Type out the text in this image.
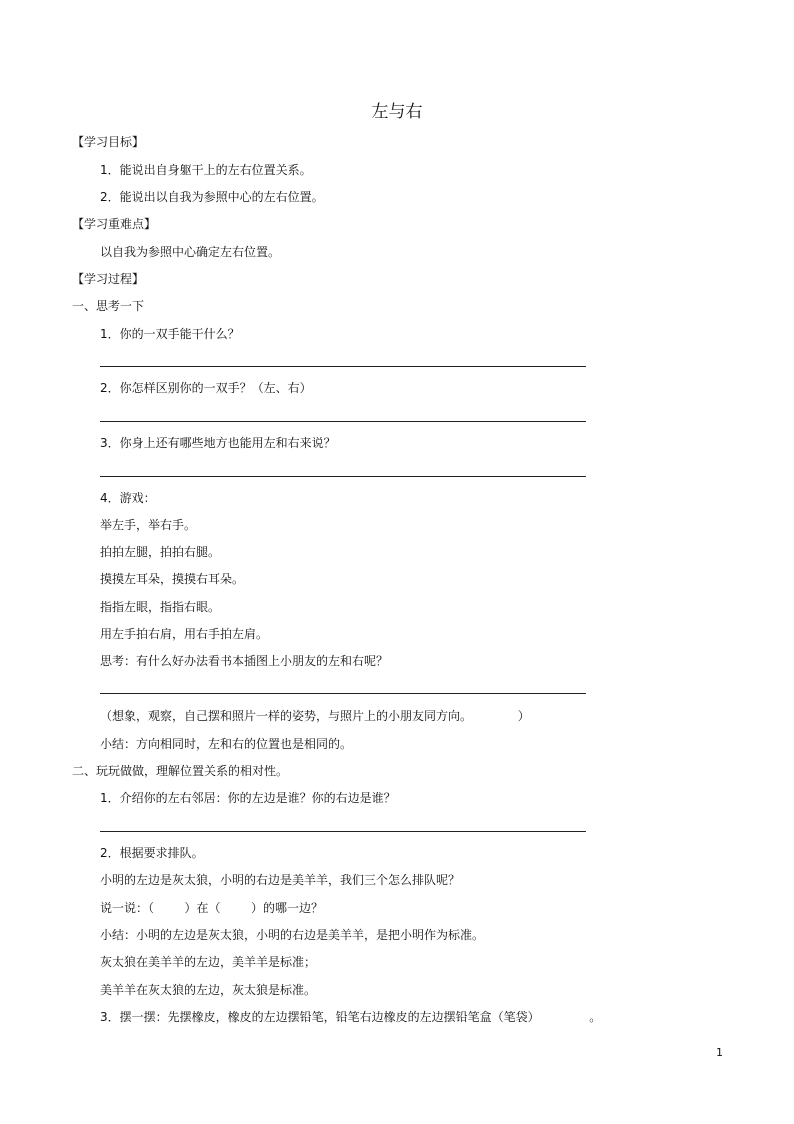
左与右
【学习目标】
1．能说出自身躯干上的左右位置关系。
2．能说出以自我为参照中心的左右位置。
【学习重难点】
以自我为参照中心确定左右位置。
【学习过程】
一、思考一下
1．你的一双手能干什么？
2．你怎样区别你的一双手？（左、右）
3．你身上还有哪些地方也能用左和右来说？
4．游戏：
举左手，举右手。
拍拍左腿，拍拍右腿。
摸摸左耳朵，摸摸右耳朵。
指指左眼，指指右眼。
用左手拍右肩，用右手拍左肩。
思考：有什么好办法看书本插图上小朋友的左和右呢？
（想象，观察，自己摆和照片一样的姿势，与照片上的小朋友同方向。            ）
小结：方向相同时，左和右的位置也是相同的。
二、玩玩做做，理解位置关系的相对性。
1．介绍你的左右邻居：你的左边是谁？你的右边是谁？
2．根据要求排队。
小明的左边是灰太狼，小明的右边是美羊羊，我们三个怎么排队呢？
说一说：（        ）在（        ）的哪一边？
小结：小明的左边是灰太狼，小明的右边是美羊羊，是把小明作为标准。
灰太狼在美羊羊的左边，美羊羊是标准；
美羊羊在灰太狼的左边，灰太狼是标准。
3．摆一摆：先摆橡皮，橡皮的左边摆铅笔，铅笔右边橡皮的左边摆铅笔盒（笔袋）             。
1
